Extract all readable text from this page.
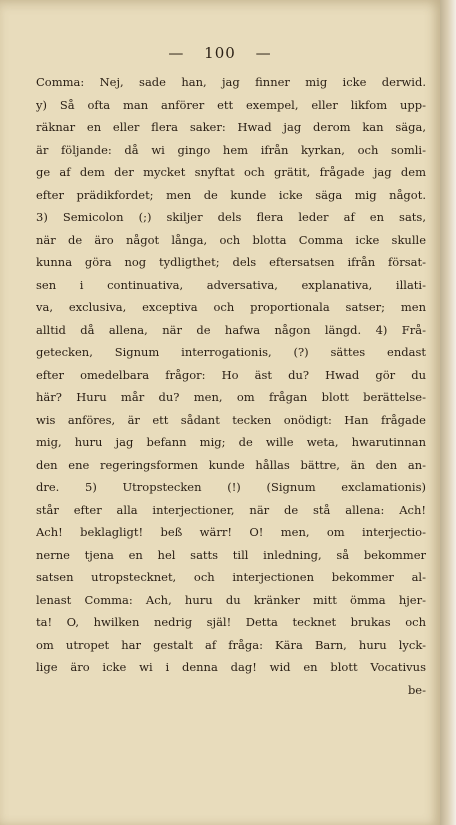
— 100 —
Comma: Nej, sade han, jag finner mig icke derwid.
y) Så ofta man anförer ett exempel, eller likfom upp-
räknar en eller flera saker: Hwad jag derom kan säga,
är följande: då wi gingo hem ifrån kyrkan, och somli-
ge af dem der mycket snyftat och grätit, frågade jag dem
efter prädikfordet; men de kunde icke säga mig något.
3) Semicolon (;) skiljer dels flera leder af en sats,
när de äro något långa, och blotta Comma icke skulle
kunna göra nog tydligthet; dels eftersatsen ifrån försat-
sen i continuativa, adversativa, explanativa, illati-
va, exclusiva, exceptiva och proportionala satser; men
alltid då allena, när de hafwa någon längd. 4) Frå-
getecken, Signum interrogationis, (?) sättes endast
efter omedelbara frågor: Ho äst du? Hwad gör du
här? Huru mår du? men, om frågan blott berättelse-
wis anföres, är ett sådant tecken onödigt: Han frågade
mig, huru jag befann mig; de wille weta, hwarutinnan
den ene regeringsformen kunde hållas bättre, än den an-
dre. 5) Utropstecken (!) (Signum exclamationis)
står efter alla interjectioner, när de stå allena: Ach!
Ach! beklagligt! beß wärr! O! men, om interjectio-
nerne tjena en hel satts till inledning, så bekommer
satsen utropstecknet, och interjectionen bekommer al-
lenast Comma: Ach, huru du kränker mitt ömma hjer-
ta! O, hwilken nedrig själ! Detta tecknet brukas och
om utropet har gestalt af fråga: Kära Barn, huru lyck-
lige äro icke wi i denna dag! wid en blott Vocativus
be-
